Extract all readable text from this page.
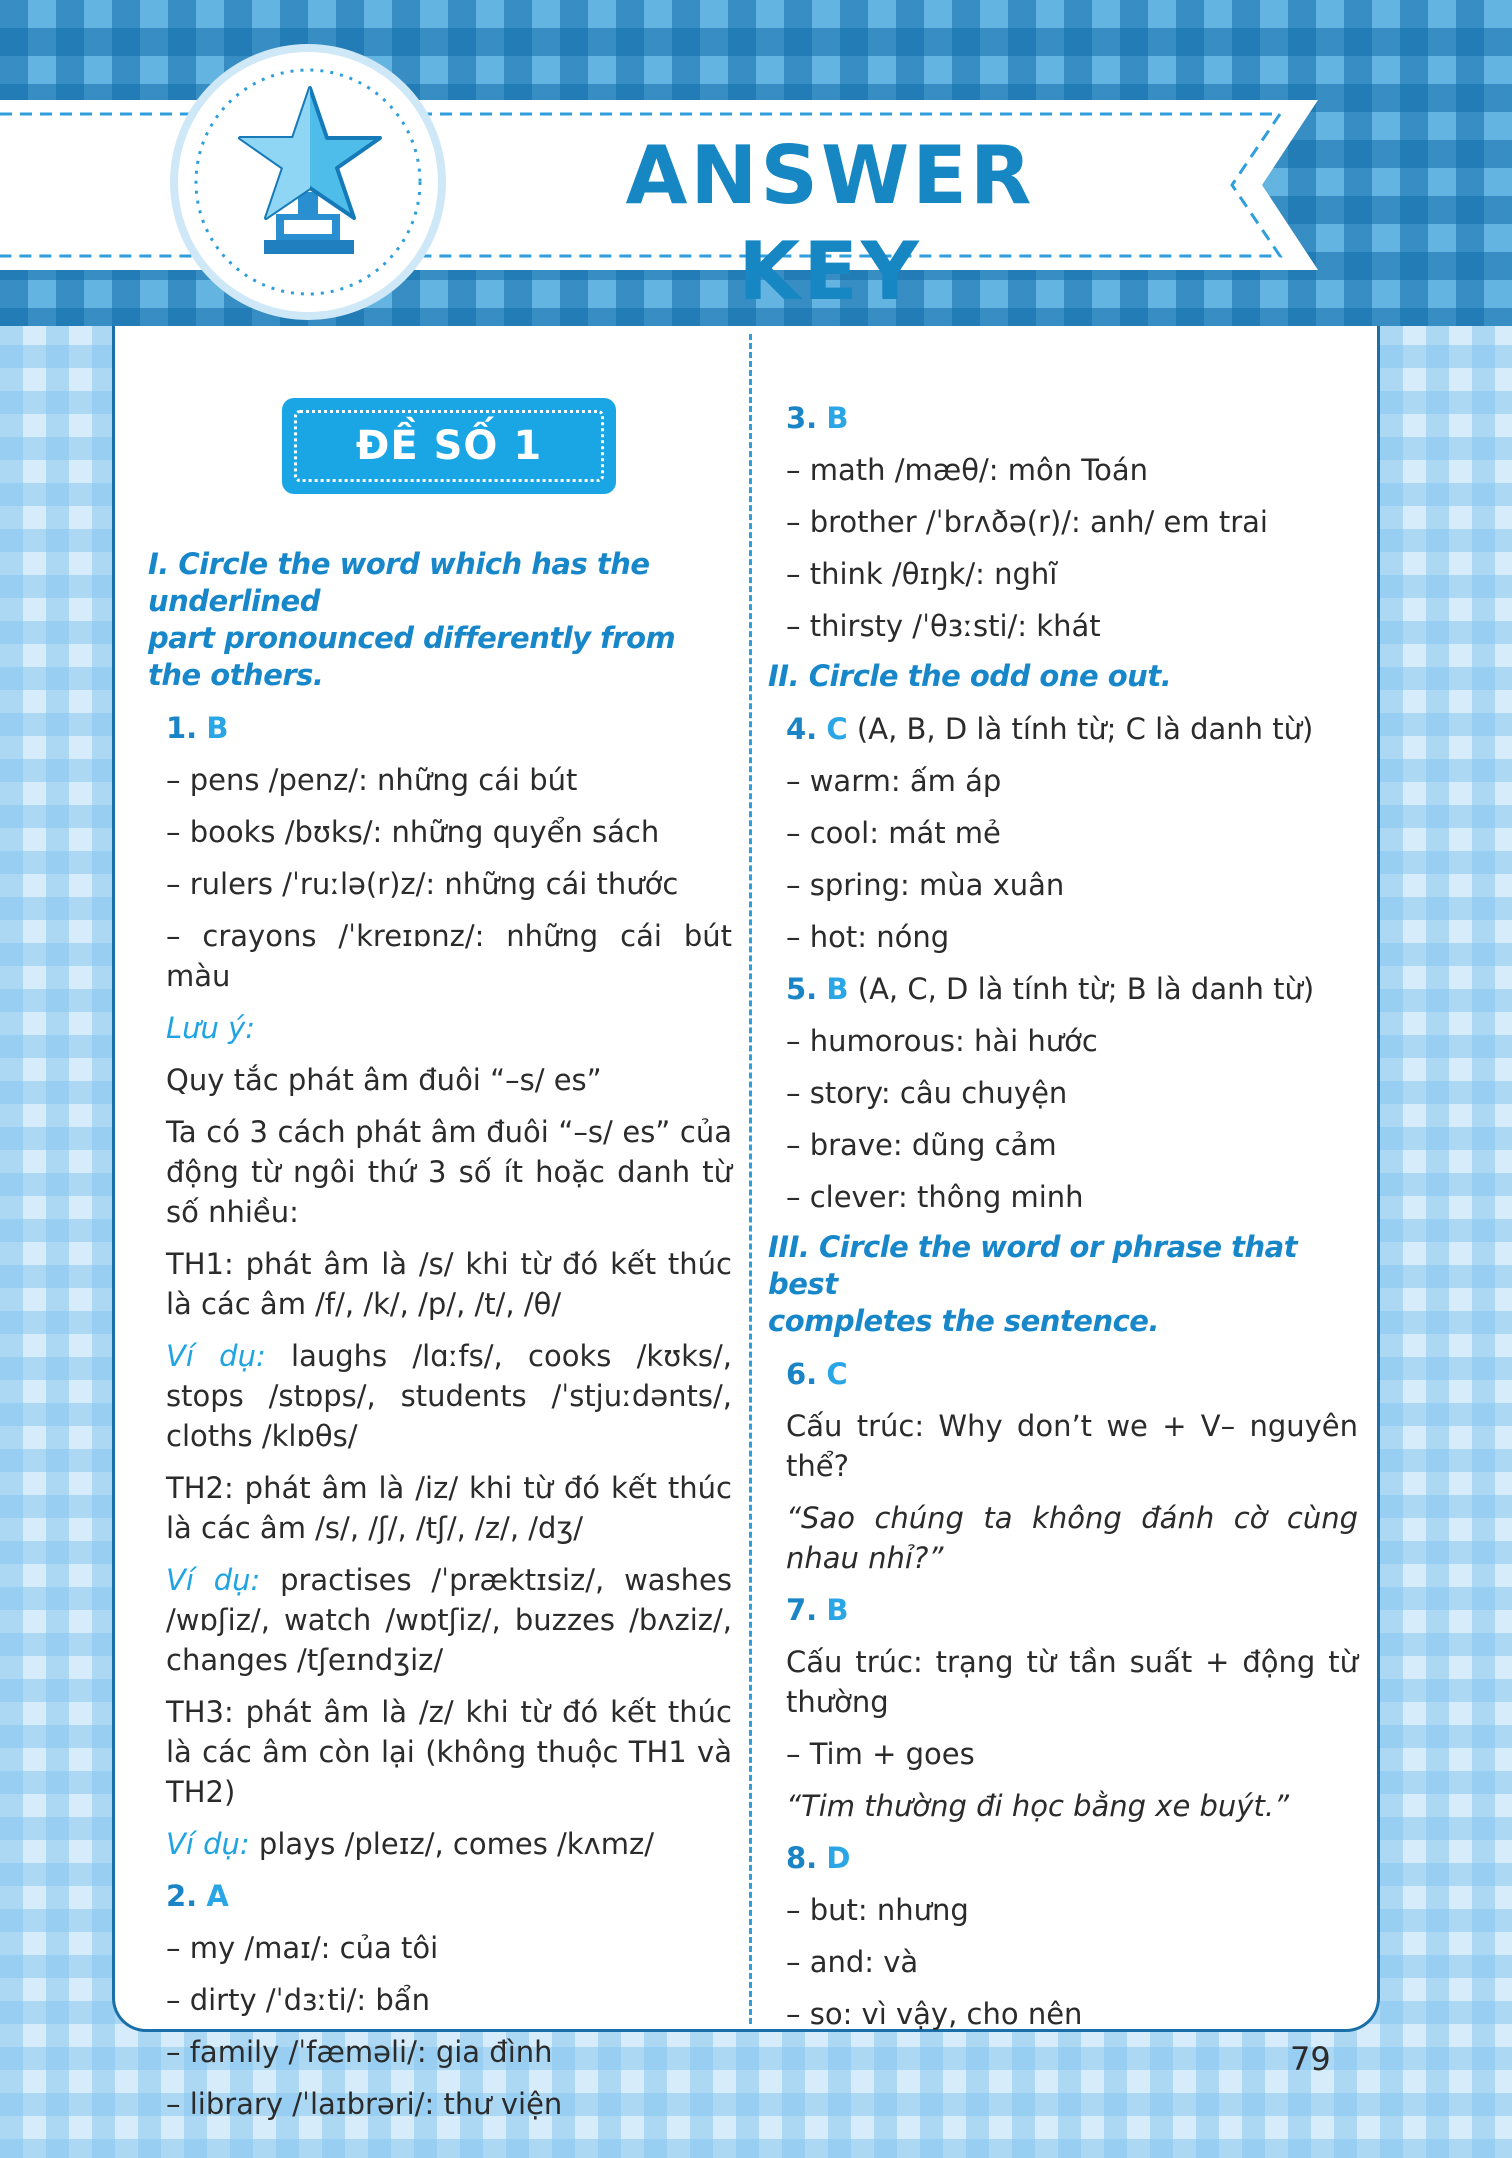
ANSWER KEY
ĐỀ SỐ 1

I. Circle the word which has the underlined
part pronounced differently from the others.

1. B

– pens /penz/: những cái bút

– books /bʊks/: những quyển sách

– rulers /ˈruːlə(r)z/: những cái thước

– crayons /ˈkreɪɒnz/: những cái bút màu

Lưu ý:

Quy tắc phát âm đuôi “–s/ es”

Ta có 3 cách phát âm đuôi “–s/ es” của động từ ngôi thứ 3 số ít hoặc danh từ số nhiều:

TH1: phát âm là /s/ khi từ đó kết thúc là các âm /f/, /k/, /p/, /t/, /θ/

Ví dụ: laughs /lɑːfs/, cooks /kʊks/, stops /stɒps/, students /ˈstjuːdənts/, cloths /klɒθs/

TH2: phát âm là /iz/ khi từ đó kết thúc là các âm /s/, /ʃ/, /tʃ/, /z/, /dʒ/

Ví dụ: practises /ˈpræktɪsiz/, washes /wɒʃiz/, watch /wɒtʃiz/, buzzes /bʌziz/, changes /tʃeɪndʒiz/

TH3: phát âm là /z/ khi từ đó kết thúc là các âm còn lại (không thuộc TH1 và TH2)

Ví dụ: plays /pleɪz/, comes /kʌmz/

2. A

– my /maɪ/: của tôi

– dirty /ˈdɜːti/: bẩn

– family /ˈfæməli/: gia đình

– library /ˈlaɪbrəri/: thư viện

3. B

– math /mæθ/: môn Toán

– brother /ˈbrʌðə(r)/: anh/ em trai

– think /θɪŋk/: nghĩ

– thirsty /ˈθɜːsti/: khát

II. Circle the odd one out.

4. C (A, B, D là tính từ; C là danh từ)

– warm: ấm áp

– cool: mát mẻ

– spring: mùa xuân

– hot: nóng

5. B (A, C, D là tính từ; B là danh từ)

– humorous: hài hước

– story: câu chuyện

– brave: dũng cảm

– clever: thông minh

III. Circle the word or phrase that best
completes the sentence.

6. C

Cấu trúc: Why don’t we + V– nguyên thể?

“Sao chúng ta không đánh cờ cùng nhau nhỉ?”

7. B

Cấu trúc: trạng từ tần suất + động từ thường

– Tim + goes

“Tim thường đi học bằng xe buýt.”

8. D

– but: nhưng

– and: và

– so: vì vậy, cho nên

79
